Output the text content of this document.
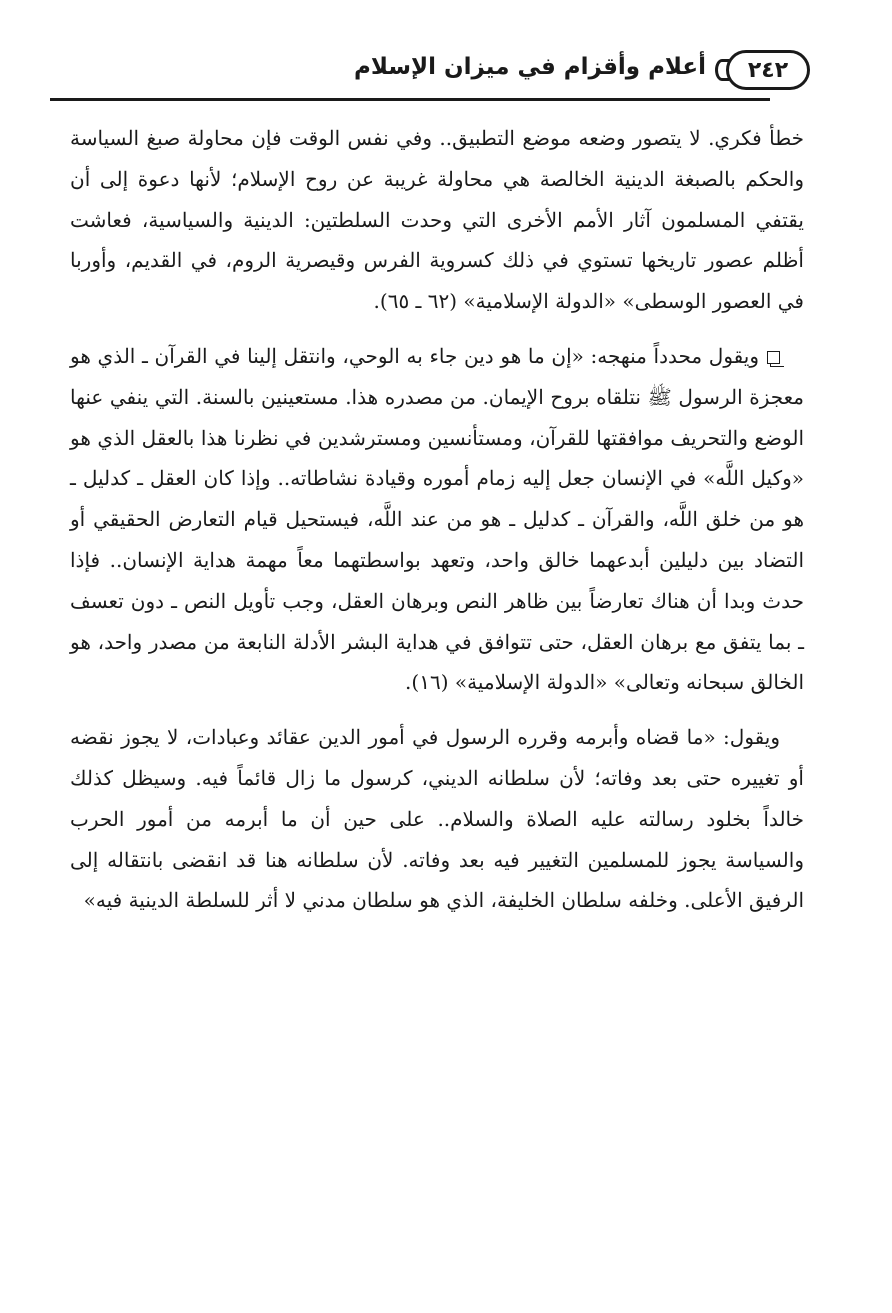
٢٤٢
أعلام وأقزام في ميزان الإسلام

خطأ فكري. لا يتصور وضعه موضع التطبيق.. وفي نفس الوقت فإن محاولة صبغ السياسة والحكم بالصبغة الدينية الخالصة هي محاولة غريبة عن روح الإسلام؛ لأنها دعوة إلى أن يقتفي المسلمون آثار الأمم الأخرى التي وحدت السلطتين: الدينية والسياسية، فعاشت أظلم عصور تاريخها تستوي في ذلك كسروية الفرس وقيصرية الروم، في القديم، وأوربا في العصور الوسطى» «الدولة الإسلامية» (٦٢ ـ ٦٥).

ويقول محدداً منهجه: «إن ما هو دين جاء به الوحي، وانتقل إلينا في القرآن ـ الذي هو معجزة الرسول ﷺ نتلقاه بروح الإيمان. من مصدره هذا. مستعينين بالسنة. التي ينفي عنها الوضع والتحريف موافقتها للقرآن، ومستأنسين ومسترشدين في نظرنا هذا بالعقل الذي هو «وكيل اللَّه» في الإنسان جعل إليه زمام أموره وقيادة نشاطاته.. وإذا كان العقل ـ كدليل ـ هو من خلق اللَّه، والقرآن ـ كدليل ـ هو من عند اللَّه، فيستحيل قيام التعارض الحقيقي أو التضاد بين دليلين أبدعهما خالق واحد، وتعهد بواسطتهما معاً مهمة هداية الإنسان.. فإذا حدث وبدا أن هناك تعارضاً بين ظاهر النص وبرهان العقل، وجب تأويل النص ـ دون تعسف ـ بما يتفق مع برهان العقل، حتى تتوافق في هداية البشر الأدلة النابعة من مصدر واحد، هو الخالق سبحانه وتعالى» «الدولة الإسلامية» (١٦).

ويقول: «ما قضاه وأبرمه وقرره الرسول في أمور الدين عقائد وعبادات، لا يجوز نقضه أو تغييره حتى بعد وفاته؛ لأن سلطانه الديني، كرسول ما زال قائماً فيه. وسيظل كذلك خالداً بخلود رسالته عليه الصلاة والسلام.. على حين أن ما أبرمه من أمور الحرب والسياسة يجوز للمسلمين التغيير فيه بعد وفاته. لأن سلطانه هنا قد انقضى بانتقاله إلى الرفيق الأعلى. وخلفه سلطان الخليفة، الذي هو سلطان مدني لا أثر للسلطة الدينية فيه»
